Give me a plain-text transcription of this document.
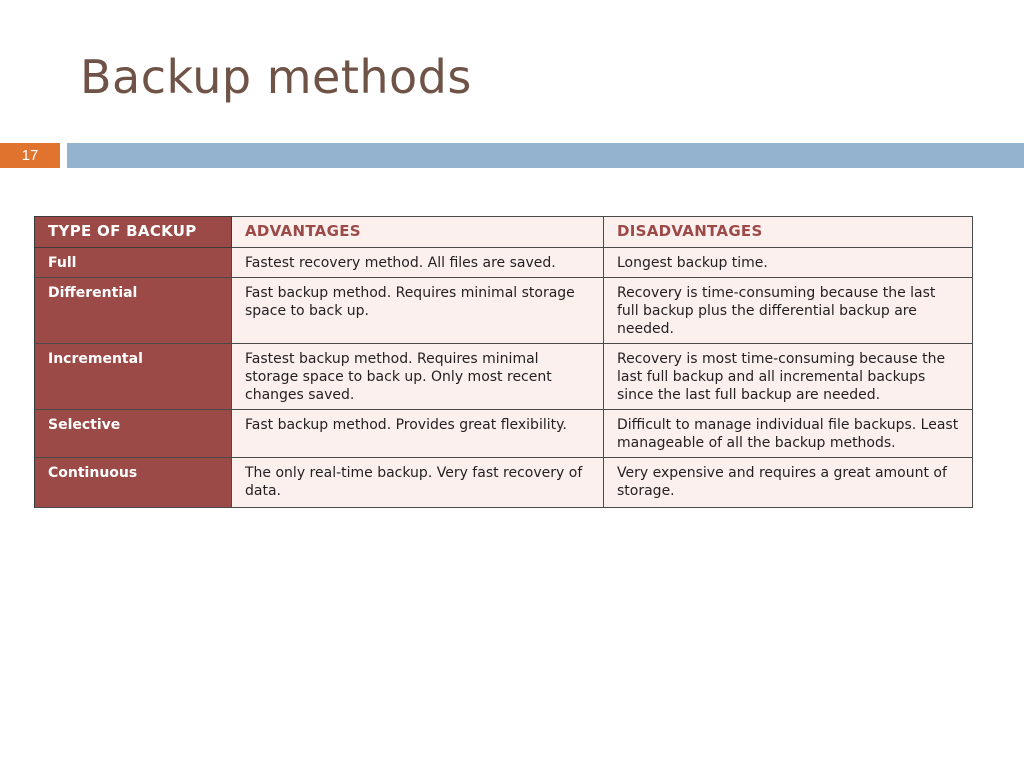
Backup methods
17
TYPE OF BACKUP	ADVANTAGES	DISADVANTAGES
Full	Fastest recovery method. All files are saved.	Longest backup time.
Differential	Fast backup method. Requires minimal storage space to back up.	Recovery is time-consuming because the last full backup plus the differential backup are needed.
Incremental	Fastest backup method. Requires minimal storage space to back up. Only most recent changes saved.	Recovery is most time-consuming because the last full backup and all incremental backups since the last full backup are needed.
Selective	Fast backup method. Provides great flexibility.	Difficult to manage individual file backups. Least manageable of all the backup methods.
Continuous	The only real-time backup. Very fast recovery of data.	Very expensive and requires a great amount of storage.
